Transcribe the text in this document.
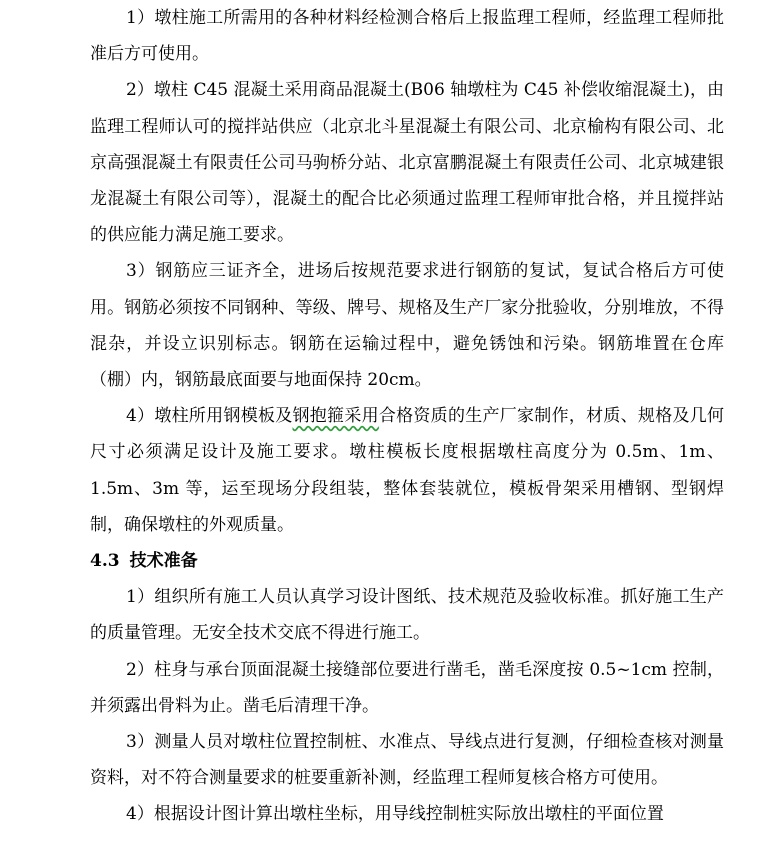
1）墩柱施工所需用的各种材料经检测合格后上报监理工程师，经监理工程师批准后方可使用。

2）墩柱 C45 混凝土采用商品混凝土(B06 轴墩柱为 C45 补偿收缩混凝土)，由监理工程师认可的搅拌站供应（北京北斗星混凝土有限公司、北京榆构有限公司、北京高强混凝土有限责任公司马驹桥分站、北京富鹏混凝土有限责任公司、北京城建银龙混凝土有限公司等），混凝土的配合比必须通过监理工程师审批合格，并且搅拌站的供应能力满足施工要求。

3）钢筋应三证齐全，进场后按规范要求进行钢筋的复试，复试合格后方可使用。钢筋必须按不同钢种、等级、牌号、规格及生产厂家分批验收，分别堆放，不得混杂，并设立识别标志。钢筋在运输过程中，避免锈蚀和污染。钢筋堆置在仓库（棚）内，钢筋最底面要与地面保持 20cm。

4）墩柱所用钢模板及钢抱箍采用合格资质的生产厂家制作，材质、规格及几何尺寸必须满足设计及施工要求。墩柱模板长度根据墩柱高度分为 0.5m、1m、1.5m、3m 等，运至现场分段组装，整体套装就位，模板骨架采用槽钢、型钢焊制，确保墩柱的外观质量。

4.3 技术准备

1）组织所有施工人员认真学习设计图纸、技术规范及验收标准。抓好施工生产的质量管理。无安全技术交底不得进行施工。

2）柱身与承台顶面混凝土接缝部位要进行凿毛，凿毛深度按 0.5~1cm 控制，并须露出骨料为止。凿毛后清理干净。

3）测量人员对墩柱位置控制桩、水准点、导线点进行复测，仔细检查核对测量资料，对不符合测量要求的桩要重新补测，经监理工程师复核合格方可使用。

4）根据设计图计算出墩柱坐标，用导线控制桩实际放出墩柱的平面位置
